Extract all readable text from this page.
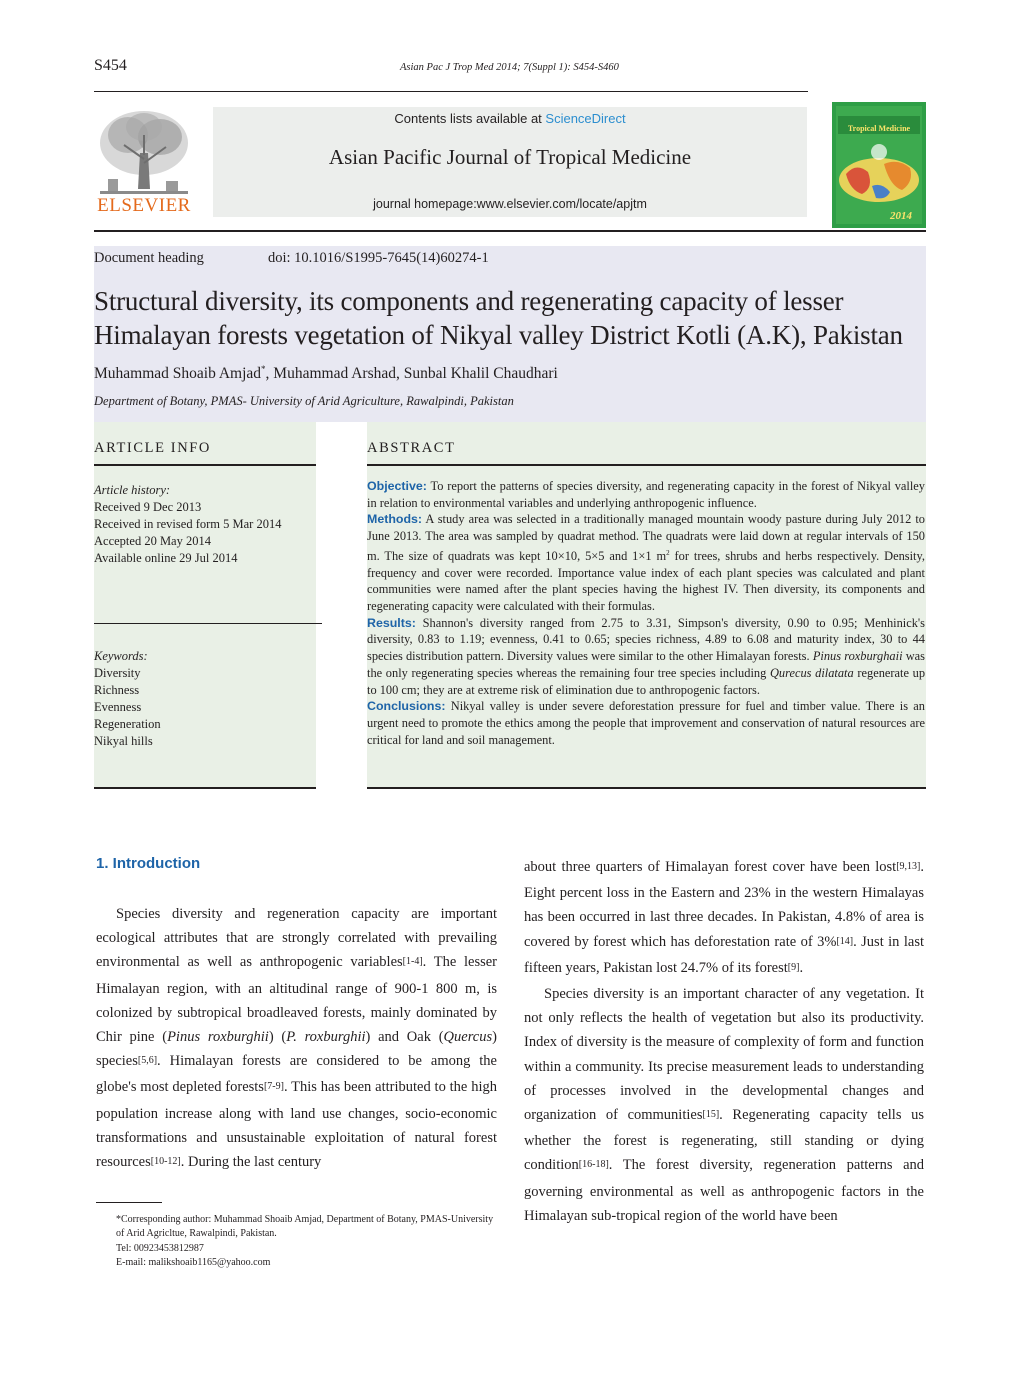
S454	Asian Pac J Trop Med 2014; 7(Suppl 1): S454-S460
ELSEVIER
Contents lists available at ScienceDirect
Asian Pacific Journal of Tropical Medicine
journal homepage:www.elsevier.com/locate/apjtm
Tropical Medicine
2014
Document heading	doi: 10.1016/S1995-7645(14)60274-1
Structural diversity, its components and regenerating capacity of lesser Himalayan forests vegetation of Nikyal valley District Kotli (A.K), Pakistan
Muhammad Shoaib Amjad*, Muhammad Arshad, Sunbal Khalil Chaudhari
Department of Botany, PMAS- University of Arid Agriculture, Rawalpindi, Pakistan
ARTICLE INFO
Article history:
Received 9 Dec 2013
Received in revised form 5 Mar 2014
Accepted 20 May 2014
Available online 29 Jul 2014
Keywords:
Diversity
Richness
Evenness
Regeneration
Nikyal hills
ABSTRACT
Objective: To report the patterns of species diversity, and regenerating capacity in the forest of Nikyal valley in relation to environmental variables and underlying anthropogenic influence.
Methods: A study area was selected in a traditionally managed mountain woody pasture during July 2012 to June 2013. The area was sampled by quadrat method. The quadrats were laid down at regular intervals of 150 m. The size of quadrats was kept 10×10, 5×5 and 1×1 $m^2$ for trees, shrubs and herbs respectively. Density, frequency and cover were recorded. Importance value index of each plant species was calculated and plant communities were named after the plant species having the highest IV. Then diversity, its components and regenerating capacity were calculated with their formulas.
Results: Shannon's diversity ranged from 2.75 to 3.31, Simpson's diversity, 0.90 to 0.95; Menhinick's diversity, 0.83 to 1.19; evenness, 0.41 to 0.65; species richness, 4.89 to 6.08 and maturity index, 30 to 44 species distribution pattern. Diversity values were similar to the other Himalayan forests. Pinus roxburghaii was the only regenerating species whereas the remaining four tree species including Qurecus dilatata regenerate up to 100 cm; they are at extreme risk of elimination due to anthropogenic factors.
Conclusions: Nikyal valley is under severe deforestation pressure for fuel and timber value. There is an urgent need to promote the ethics among the people that improvement and conservation of natural resources are critical for land and soil management.
1. Introduction

Species diversity and regeneration capacity are important ecological attributes that are strongly correlated with prevailing environmental as well as anthropogenic variables[1-4]. The lesser Himalayan region, with an altitudinal range of 900-1 800 m, is colonized by subtropical broadleaved forests, mainly dominated by Chir pine (Pinus roxburghii) (P. roxburghii) and Oak (Quercus) species[5,6]. Himalayan forests are considered to be among the globe's most depleted forests[7-9]. This has been attributed to the high population increase along with land use changes, socio-economic transformations and unsustainable exploitation of natural forest resources[10-12]. During the last century

about three quarters of Himalayan forest cover have been lost[9,13]. Eight percent loss in the Eastern and 23% in the western Himalayas has been occurred in last three decades. In Pakistan, 4.8% of area is covered by forest which has deforestation rate of 3%[14]. Just in last fifteen years, Pakistan lost 24.7% of its forest[9].

Species diversity is an important character of any vegetation. It not only reflects the health of vegetation but also its productivity. Index of diversity is the measure of complexity of form and function within a community. Its precise measurement leads to understanding of processes involved in the developmental changes and organization of communities[15]. Regenerating capacity tells us whether the forest is regenerating, still standing or dying condition[16-18]. The forest diversity, regeneration patterns and governing environmental as well as anthropogenic factors in the Himalayan sub-tropical region of the world have been

*Corresponding author: Muhammad Shoaib Amjad, Department of Botany, PMAS-University of Arid Agricltue, Rawalpindi, Pakistan.
Tel: 00923453812987
E-mail: malikshoaib1165@yahoo.com
